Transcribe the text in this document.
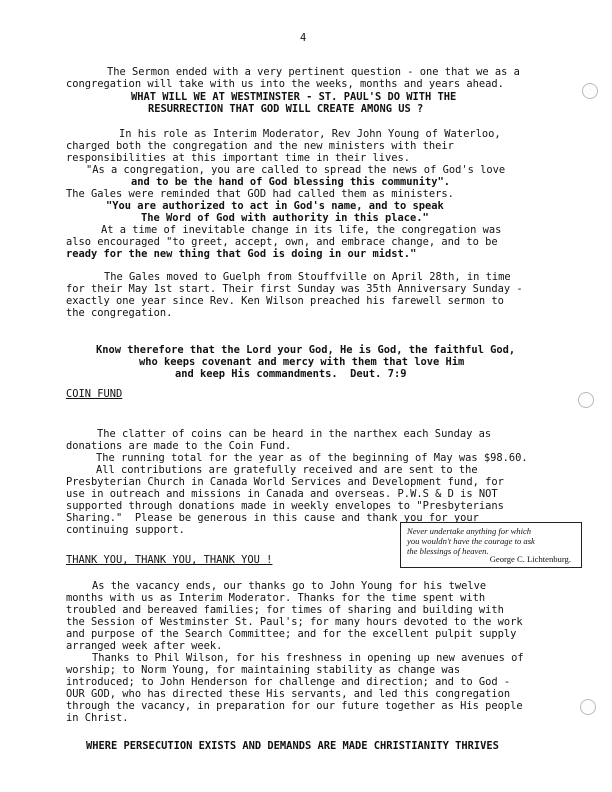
4
The Sermon ended with a very pertinent question - one that we as a
congregation will take with us into the weeks, months and years ahead.
WHAT WILL WE AT WESTMINSTER - ST. PAUL'S DO WITH THE
RESURRECTION THAT GOD WILL CREATE AMONG US ?
In his role as Interim Moderator, Rev John Young of Waterloo,
charged both the congregation and the new ministers with their
responsibilities at this important time in their lives.
"As a congregation, you are called to spread the news of God's love
and to be the hand of God blessing this community".
The Gales were reminded that GOD had called them as ministers.
"You are authorized to act in God's name, and to speak
The Word of God with authority in this place."
At a time of inevitable change in its life, the congregation was
also encouraged "to greet, accept, own, and embrace change, and to be
ready for the new thing that God is doing in our midst."
The Gales moved to Guelph from Stouffville on April 28th, in time
for their May 1st start. Their first Sunday was 35th Anniversary Sunday -
exactly one year since Rev. Ken Wilson preached his farewell sermon to
the congregation.
Know therefore that the Lord your God, He is God, the faithful God,
who keeps covenant and mercy with them that love Him
and keep His commandments.  Deut. 7:9
COIN FUND
The clatter of coins can be heard in the narthex each Sunday as
donations are made to the Coin Fund.
The running total for the year as of the beginning of May was $98.60.
All contributions are gratefully received and are sent to the
Presbyterian Church in Canada World Services and Development fund, for
use in outreach and missions in Canada and overseas. P.W.S & D is NOT
supported through donations made in weekly envelopes to "Presbyterians
Sharing."  Please be generous in this cause and thank you for your
continuing support.	Never undertake anything for which
you wouldn't have the courage to ask
the blessings of heaven.
George C. Lichtenburg.
THANK YOU, THANK YOU, THANK YOU !
As the vacancy ends, our thanks go to John Young for his twelve
months with us as Interim Moderator. Thanks for the time spent with
troubled and bereaved families; for times of sharing and building with
the Session of Westminster St. Paul's; for many hours devoted to the work
and purpose of the Search Committee; and for the excellent pulpit supply
arranged week after week.
Thanks to Phil Wilson, for his freshness in opening up new avenues of
worship; to Norm Young, for maintaining stability as change was
introduced; to John Henderson for challenge and direction; and to God -
OUR GOD, who has directed these His servants, and led this congregation
through the vacancy, in preparation for our future together as His people
in Christ.
WHERE PERSECUTION EXISTS AND DEMANDS ARE MADE CHRISTIANITY THRIVES
